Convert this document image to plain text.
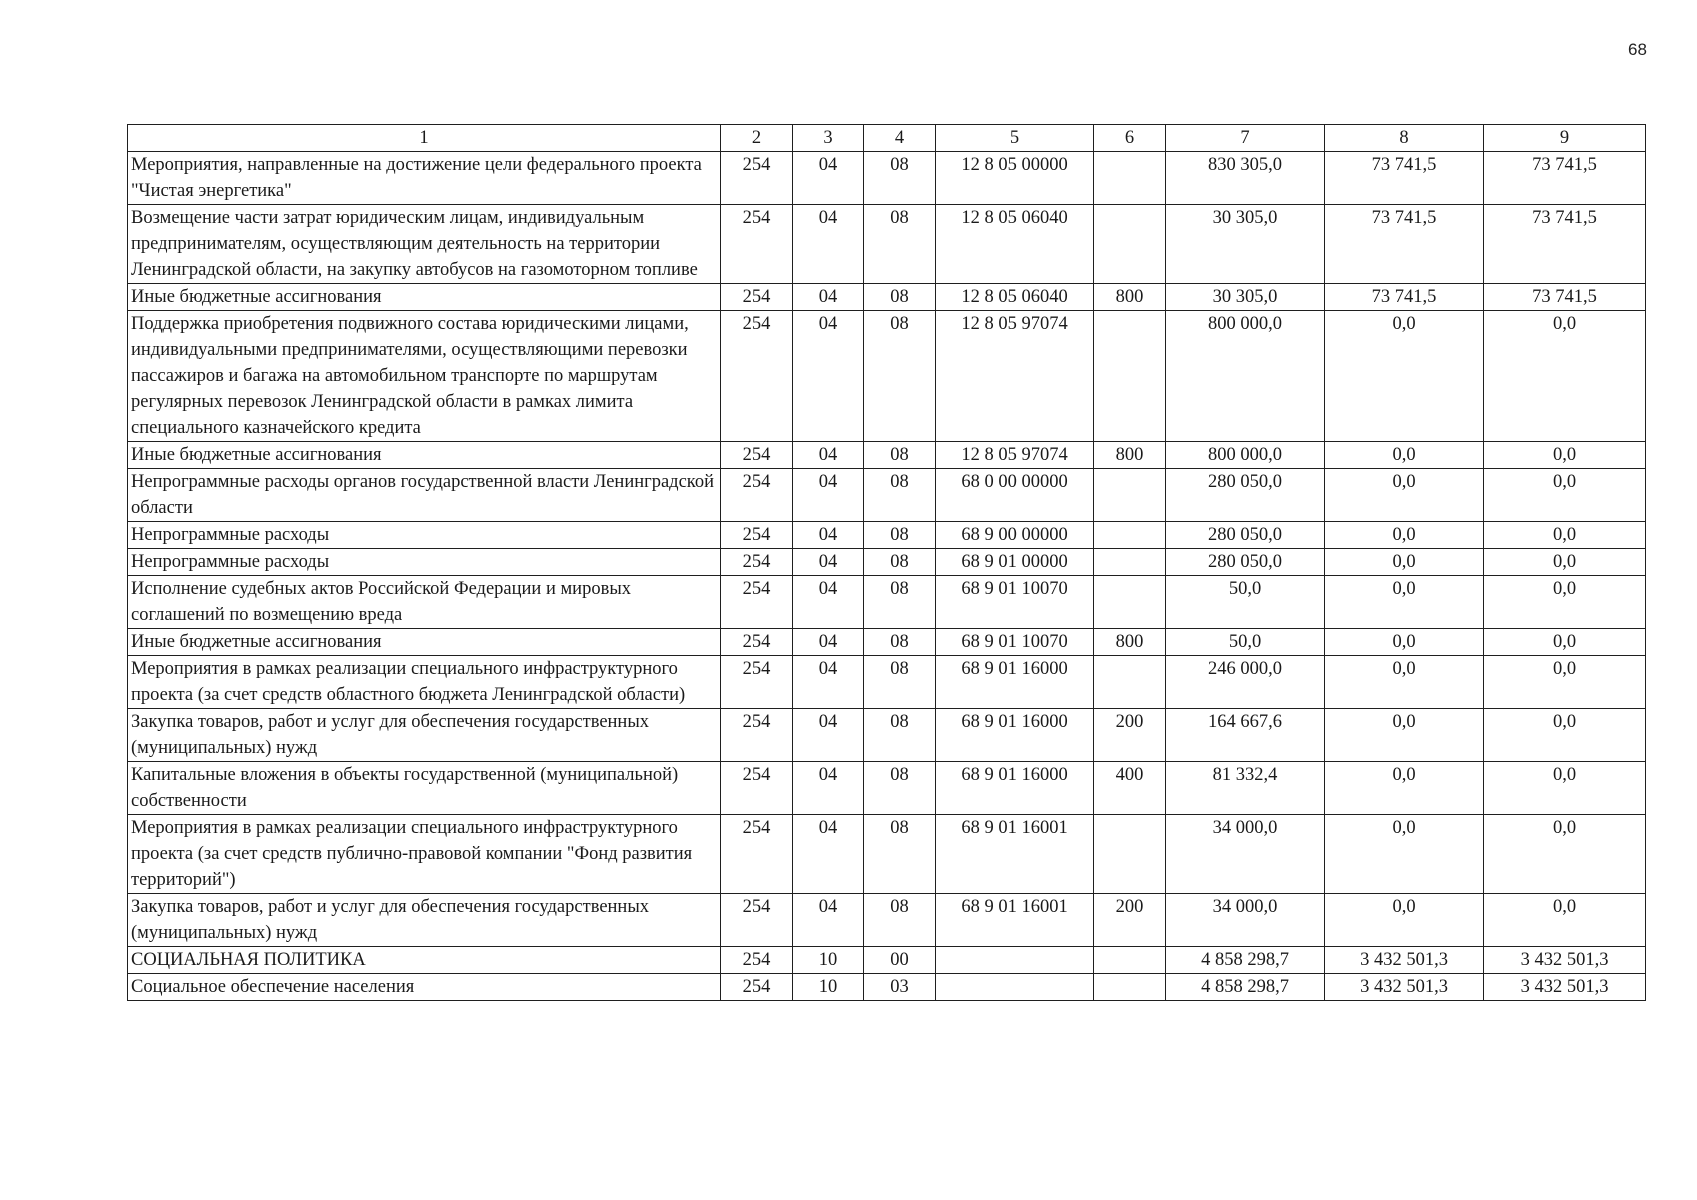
68
1	2	3	4	5	6	7	8	9
Мероприятия, направленные на достижение цели федерального проекта "Чистая энергетика"	254	04	08	12 8 05 00000		830 305,0	73 741,5	73 741,5
Возмещение части затрат юридическим лицам, индивидуальным предпринимателям, осуществляющим деятельность на территории Ленинградской области, на закупку автобусов на газомоторном топливе	254	04	08	12 8 05 06040		30 305,0	73 741,5	73 741,5
Иные бюджетные ассигнования	254	04	08	12 8 05 06040	800	30 305,0	73 741,5	73 741,5
Поддержка приобретения подвижного состава юридическими лицами, индивидуальными предпринимателями, осуществляющими перевозки пассажиров и багажа на автомобильном транспорте по маршрутам регулярных перевозок Ленинградской области в рамках лимита специального казначейского кредита	254	04	08	12 8 05 97074		800 000,0	0,0	0,0
Иные бюджетные ассигнования	254	04	08	12 8 05 97074	800	800 000,0	0,0	0,0
Непрограммные расходы органов государственной власти Ленинградской области	254	04	08	68 0 00 00000		280 050,0	0,0	0,0
Непрограммные расходы	254	04	08	68 9 00 00000		280 050,0	0,0	0,0
Непрограммные расходы	254	04	08	68 9 01 00000		280 050,0	0,0	0,0
Исполнение судебных актов Российской Федерации и мировых соглашений по возмещению вреда	254	04	08	68 9 01 10070		50,0	0,0	0,0
Иные бюджетные ассигнования	254	04	08	68 9 01 10070	800	50,0	0,0	0,0
Мероприятия в рамках реализации специального инфраструктурного проекта (за счет средств областного бюджета Ленинградской области)	254	04	08	68 9 01 16000		246 000,0	0,0	0,0
Закупка товаров, работ и услуг для обеспечения государственных (муниципальных) нужд	254	04	08	68 9 01 16000	200	164 667,6	0,0	0,0
Капитальные вложения в объекты государственной (муниципальной) собственности	254	04	08	68 9 01 16000	400	81 332,4	0,0	0,0
Мероприятия в рамках реализации специального инфраструктурного проекта (за счет средств публично-правовой компании "Фонд развития территорий")	254	04	08	68 9 01 16001		34 000,0	0,0	0,0
Закупка товаров, работ и услуг для обеспечения государственных (муниципальных) нужд	254	04	08	68 9 01 16001	200	34 000,0	0,0	0,0
СОЦИАЛЬНАЯ ПОЛИТИКА	254	10	00			4 858 298,7	3 432 501,3	3 432 501,3
Социальное обеспечение населения	254	10	03			4 858 298,7	3 432 501,3	3 432 501,3
